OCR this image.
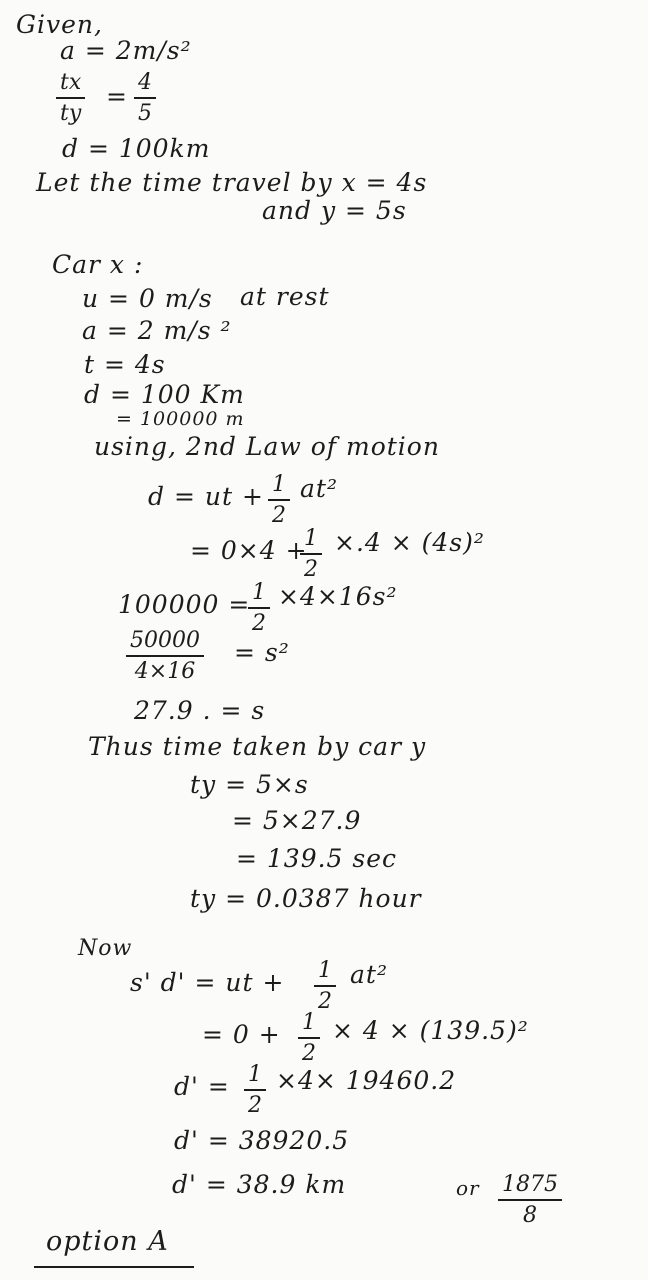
Given,
a = 2m/s²
$\frac{tx}{ty} = \frac{4}{5}$
d = 100km
Let the time travel by x = 4s
and y = 5s
Car x :
u = 0 m/s at rest
a = 2 m/s ²
t = 4s
d = 100 Km
= 100000 m
using, 2nd Law of motion
d = ut + $\frac{1}{2} at^2$
= 0×4 +
$\frac{1}{2} \times.4 \times (4s)^2$
100000 =
$\frac{1}{2} \times 4\times 16s^2$
$\frac{50000}{4\times 16} = s^2$
27.9 . = s
Thus time taken by car y
ty = 5×s
= 5×27.9
= 139.5 sec
ty = 0.0387 hour
Now
s' d' = ut + $\frac{1}{2} at^2$
= $0 + \frac{1}{2} \times 4 \times (139.5)^2$
$d' = \frac{1}{2} \times 4\times 19460.2$
d' = 38920.5
d' = 38.9 km	or $\frac{1875}{8}$
option A
